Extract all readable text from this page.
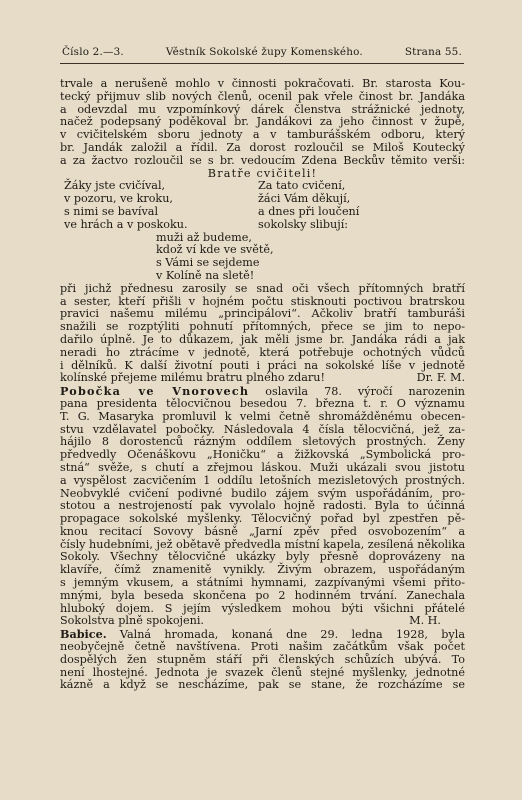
Číslo 2.—3.	Věstník Sokolské župy Komenského.	Strana 55.
trvale a nerušeně mohlo v činnosti pokračovati. Br. starosta Kou-
tecký přijmuv slib nových členů, ocenil pak vřele činost br. Jandáka
a odevzdal mu vzpomínkový dárek členstva strážnické jednoty,
načež podepsaný poděkoval br. Jandákovi za jeho činnost v župě,
v cvičitelském sboru jednoty a v tamburášském odboru, který
br. Jandák založil a řídil. Za dorost rozloučil se Miloš Koutecký
a za žactvo rozloučil se s br. vedoucím Zdena Beckův těmito verši:
Bratře cvičiteli!
Žáky jste cvičíval,	Za tato cvičení,
v pozoru, ve kroku,	žáci Vám děkují,
s nimi se bavíval	a dnes při loučení
ve hrách a v poskoku.	sokolsky slibují:
muži až budeme,
kdož ví kde ve světě,
s Vámi se sejdeme
v Kolíně na sletě!
při jichž přednesu zarosily se snad oči všech přítomných bratří
a sester, kteří přišli v hojném počtu stisknouti poctivou bratrskou
pravici našemu milému „principálovi“. Ačkoliv bratří tamburáši
snažili se rozptýliti pohnutí přítomných, přece se jim to nepo-
dařilo úplně. Je to důkazem, jak měli jsme br. Jandáka rádi a jak
neradi ho ztrácíme v jednotě, která potřebuje ochotných vůdců
i dělníků. K další životní pouti i práci na sokolské líše v jednotě
kolínské přejeme milému bratru plného zdaru!	Dr. F. M.
Pobočka ve Vnorovech oslavila 78. výročí narozenin
pana presidenta tělocvičnou besedou 7. března t. r. O významu
T. G. Masaryka promluvil k velmi četně shromážděnému obecen-
stvu vzdělavatel pobočky. Následovala 4 čísla tělocvičná, jež za-
hájilo 8 dorostenců rázným oddílem sletových prostných. Ženy
předvedly Očenáškovu „Honičku“ a žižkovská „Symbolická pro-
stná“ svěže, s chutí a zřejmou láskou. Muži ukázali svou jistotu
a vyspělost zacvičením 1 oddílu letošních mezisletových prostných.
Neobvyklé cvičení podivné budilo zájem svým uspořádáním, pro-
stotou a nestrojeností pak vyvolalo hojně radosti. Byla to účinná
propagace sokolské myšlenky. Tělocvičný pořad byl zpestřen pě-
knou recitací Sovovy básně „Jarní zpěv před osvobozením“ a
čísly hudebními, jež obětavě předvedla místní kapela, zesílená několika
Sokoly. Všechny tělocvičné ukázky byly přesně doprovázeny na
klavíře, čímž znamenitě vynikly. Živým obrazem, uspořádaným
s jemným vkusem, a státními hymnami, zazpívanými všemi přito-
mnými, byla beseda skončena po 2 hodinném trvání. Zanechala
hluboký dojem. S jejím výsledkem mohou býti všichni přátelé
Sokolstva plně spokojeni.	M. H.
Babice. Valná hromada, konaná dne 29. ledna 1928, byla
neobyčejně četně navštívena. Proti našim začátkům však počet
dospělých žen stupněm stáří při členských schůzích ubývá. To
není lhostejné. Jednota je svazek členů stejné myšlenky, jednotné
kázně a když se nescházíme, pak se stane, že rozcházíme se
